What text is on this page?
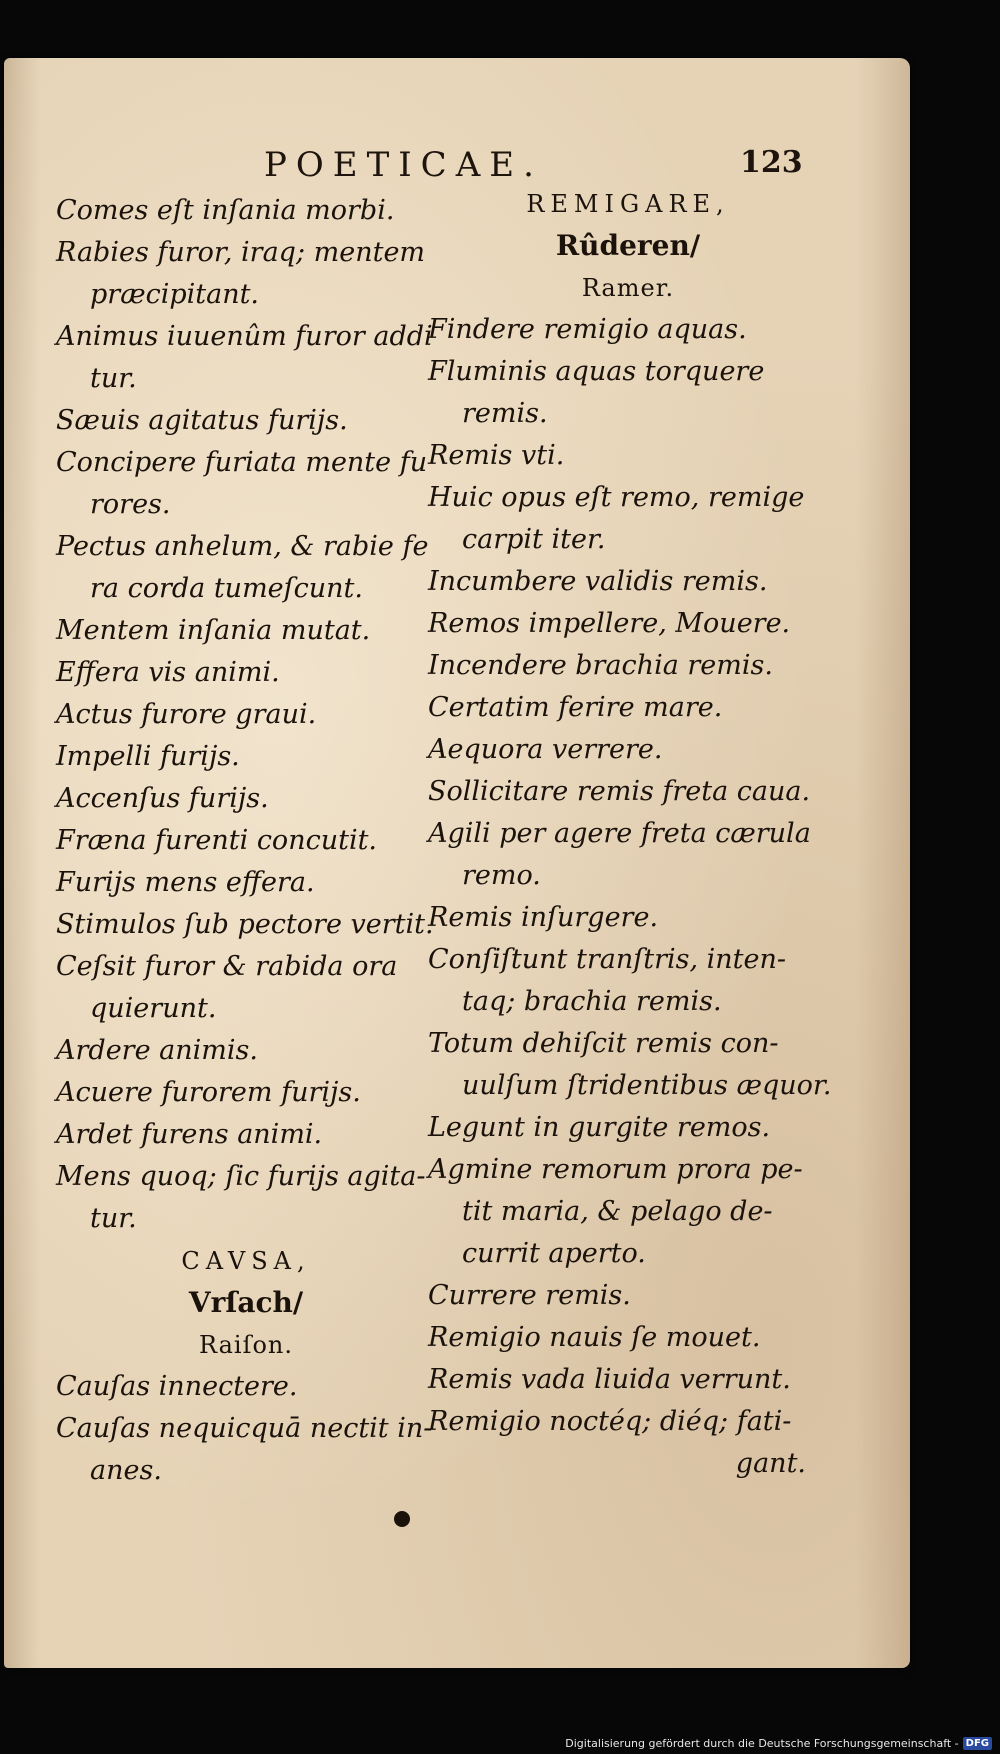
POETICAE.	123
Comes eſt inſania morbi.
Rabies furor, iraq; mentem
præcipitant.
Animus iuuenûm furor addi
tur.
Sæuis agitatus furijs.
Concipere furiata mente fu
rores.
Pectus anhelum, & rabie fe
ra corda tumeſcunt.
Mentem inſania mutat.
Effera vis animi.
Actus furore graui.
Impelli furijs.
Accenſus furijs.
Fræna furenti concutit.
Furijs mens effera.
Stimulos ſub pectore vertit.
Ceſsit furor & rabida ora
quierunt.
Ardere animis.
Acuere furorem furijs.
Ardet furens animi.
Mens quoq; ſic furijs agita-
tur.
CAVSA,
Vrſach/
Raiſon.
Cauſas innectere.
Cauſas nequicquā nectit in-
anes.
REMIGARE,
Rûderen/
Ramer.
Findere remigio aquas.
Fluminis aquas torquere
remis.
Remis vti.
Huic opus eſt remo, remige
carpit iter.
Incumbere validis remis.
Remos impellere, Mouere.
Incendere brachia remis.
Certatim ferire mare.
Aequora verrere.
Sollicitare remis freta caua.
Agili per agere freta cærula
remo.
Remis inſurgere.
Conſiſtunt tranſtris, inten-
taq; brachia remis.
Totum dehiſcit remis con-
uulſum ſtridentibus æquor.
Legunt in gurgite remos.
Agmine remorum prora pe-
tit maria, & pelago de-
currit aperto.
Currere remis.
Remigio nauis ſe mouet.
Remis vada liuida verrunt.
Remigio noctéq; diéq; fati-
gant.
Digitalisierung gefördert durch die Deutsche Forschungsgemeinschaft - DFG
